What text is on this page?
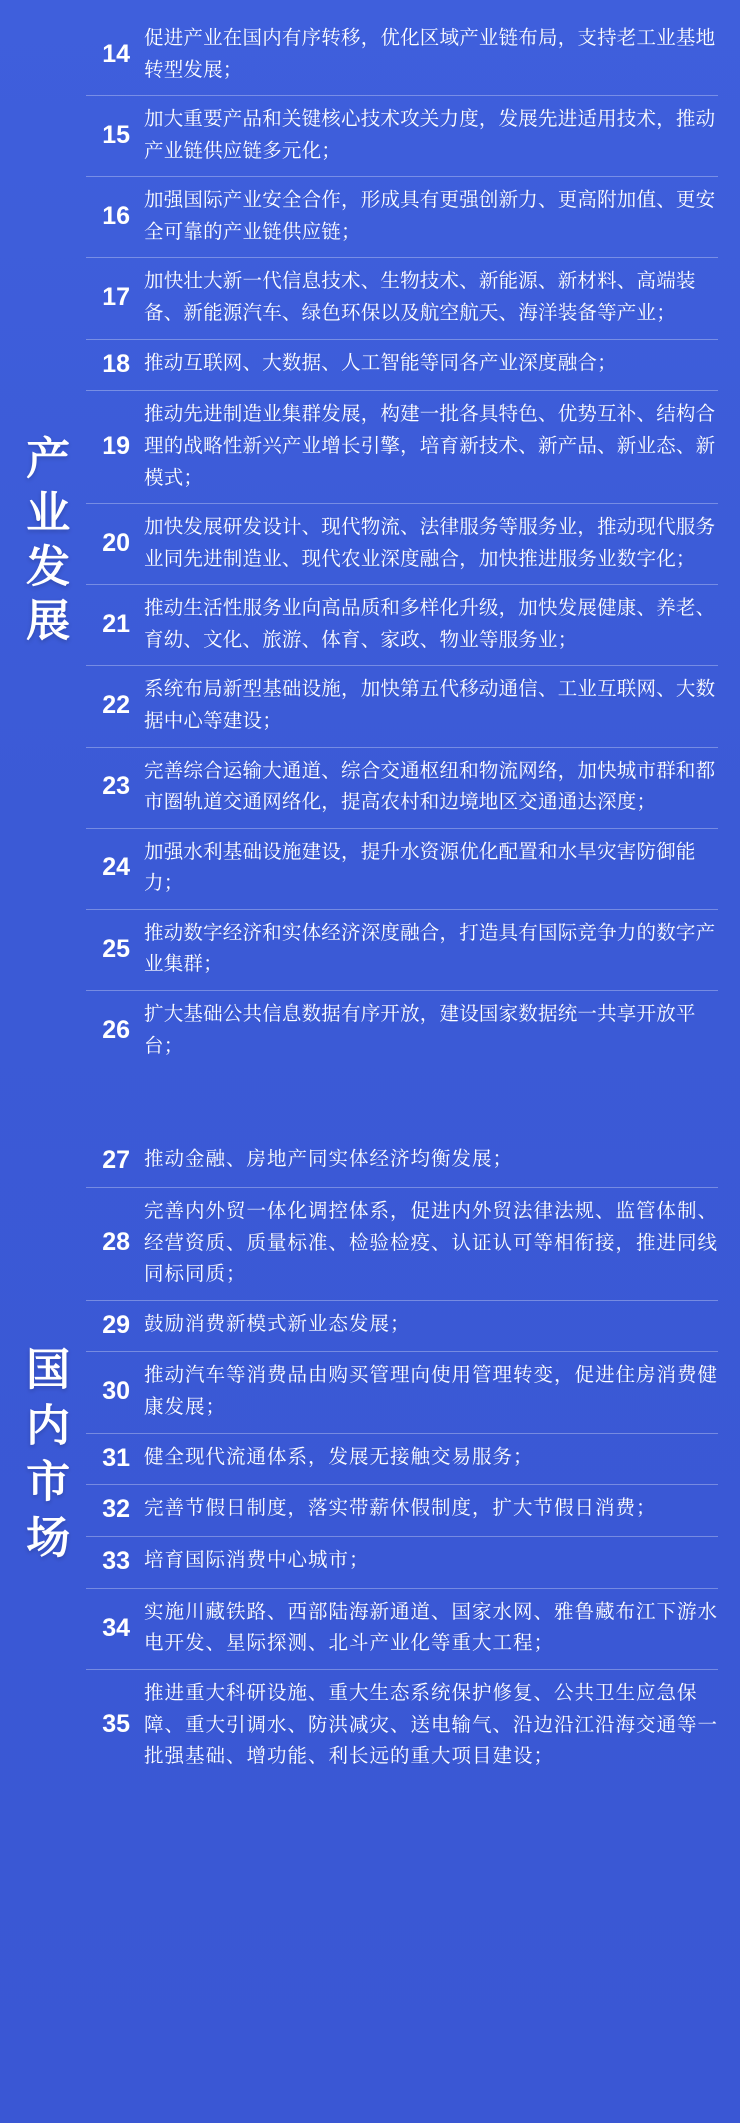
产业发展
14
促进产业在国内有序转移，优化区域产业链布局，支持老工业基地转型发展；
15
加大重要产品和关键核心技术攻关力度，发展先进适用技术，推动产业链供应链多元化；
16
加强国际产业安全合作，形成具有更强创新力、更高附加值、更安全可靠的产业链供应链；
17
加快壮大新一代信息技术、生物技术、新能源、新材料、高端装备、新能源汽车、绿色环保以及航空航天、海洋装备等产业；
18 推动互联网、大数据、人工智能等同各产业深度融合；
19
推动先进制造业集群发展，构建一批各具特色、优势互补、结构合理的战略性新兴产业增长引擎，培育新技术、新产品、新业态、新模式；
20
加快发展研发设计、现代物流、法律服务等服务业，推动现代服务业同先进制造业、现代农业深度融合，加快推进服务业数字化；
21
推动生活性服务业向高品质和多样化升级，加快发展健康、养老、育幼、文化、旅游、体育、家政、物业等服务业；
22
系统布局新型基础设施，加快第五代移动通信、工业互联网、大数据中心等建设；
23
完善综合运输大通道、综合交通枢纽和物流网络，加快城市群和都市圈轨道交通网络化，提高农村和边境地区交通通达深度；
24
加强水利基础设施建设，提升水资源优化配置和水旱灾害防御能力；
25
推动数字经济和实体经济深度融合，打造具有国际竞争力的数字产业集群；
26
扩大基础公共信息数据有序开放，建设国家数据统一共享开放平台；
国内市场
27 推动金融、房地产同实体经济均衡发展；
28
完善内外贸一体化调控体系，促进内外贸法律法规、监管体制、经营资质、质量标准、检验检疫、认证认可等相衔接，推进同线同标同质；
29 鼓励消费新模式新业态发展；
30
推动汽车等消费品由购买管理向使用管理转变，促进住房消费健康发展；
31 健全现代流通体系，发展无接触交易服务；
32 完善节假日制度，落实带薪休假制度，扩大节假日消费；
33 培育国际消费中心城市；
34
实施川藏铁路、西部陆海新通道、国家水网、雅鲁藏布江下游水电开发、星际探测、北斗产业化等重大工程；
35
推进重大科研设施、重大生态系统保护修复、公共卫生应急保障、重大引调水、防洪减灾、送电输气、沿边沿江沿海交通等一批强基础、增功能、利长远的重大项目建设；
